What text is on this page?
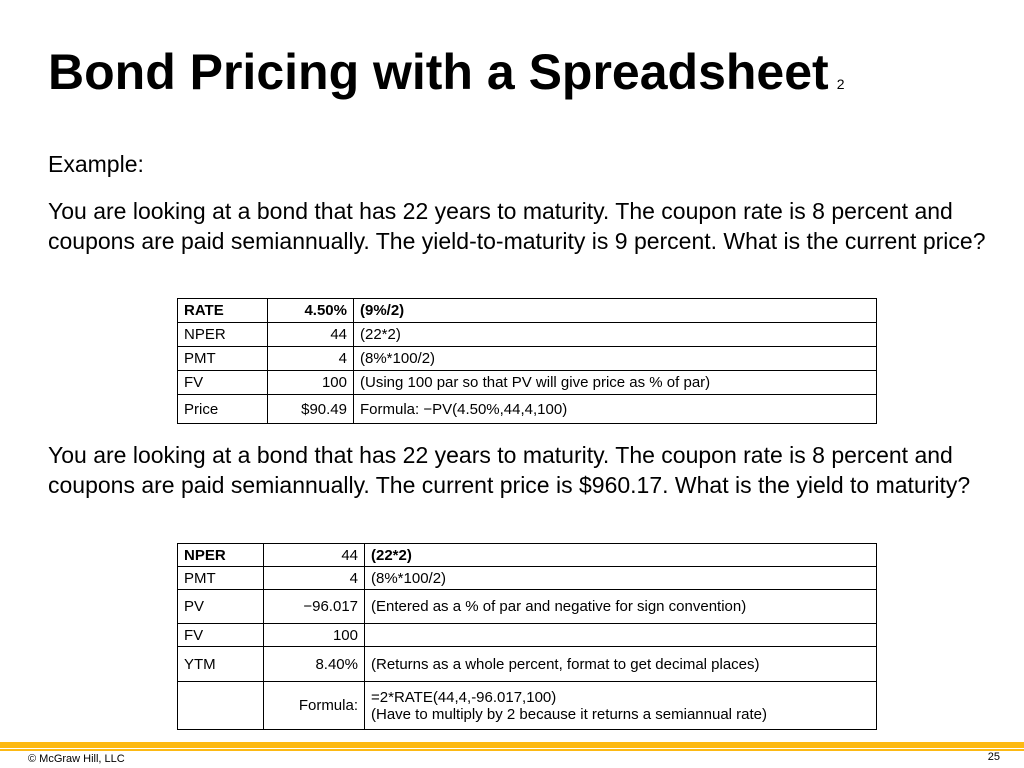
Bond Pricing with a Spreadsheet 2
Example:
You are looking at a bond that has 22 years to maturity. The coupon rate is 8 percent and coupons are paid semiannually. The yield-to-maturity is 9 percent. What is the current price?
RATE	4.50%	(9%/2)
NPER	44	(22*2)
PMT	4	(8%*100/2)
FV	100	(Using 100 par so that PV will give price as % of par)
Price	$90.49	Formula: −PV(4.50%,44,4,100)
You are looking at a bond that has 22 years to maturity. The coupon rate is 8 percent and coupons are paid semiannually. The current price is $960.17. What is the yield to maturity?
NPER	44	(22*2)
PMT	4	(8%*100/2)
PV	−96.017	(Entered as a % of par and negative for sign convention)
FV	100	
YTM	8.40%	(Returns as a whole percent, format to get decimal places)
	Formula:	=2*RATE(44,4,-96.017,100)
(Have to multiply by 2 because it returns a semiannual rate)
© McGraw Hill, LLC	25
